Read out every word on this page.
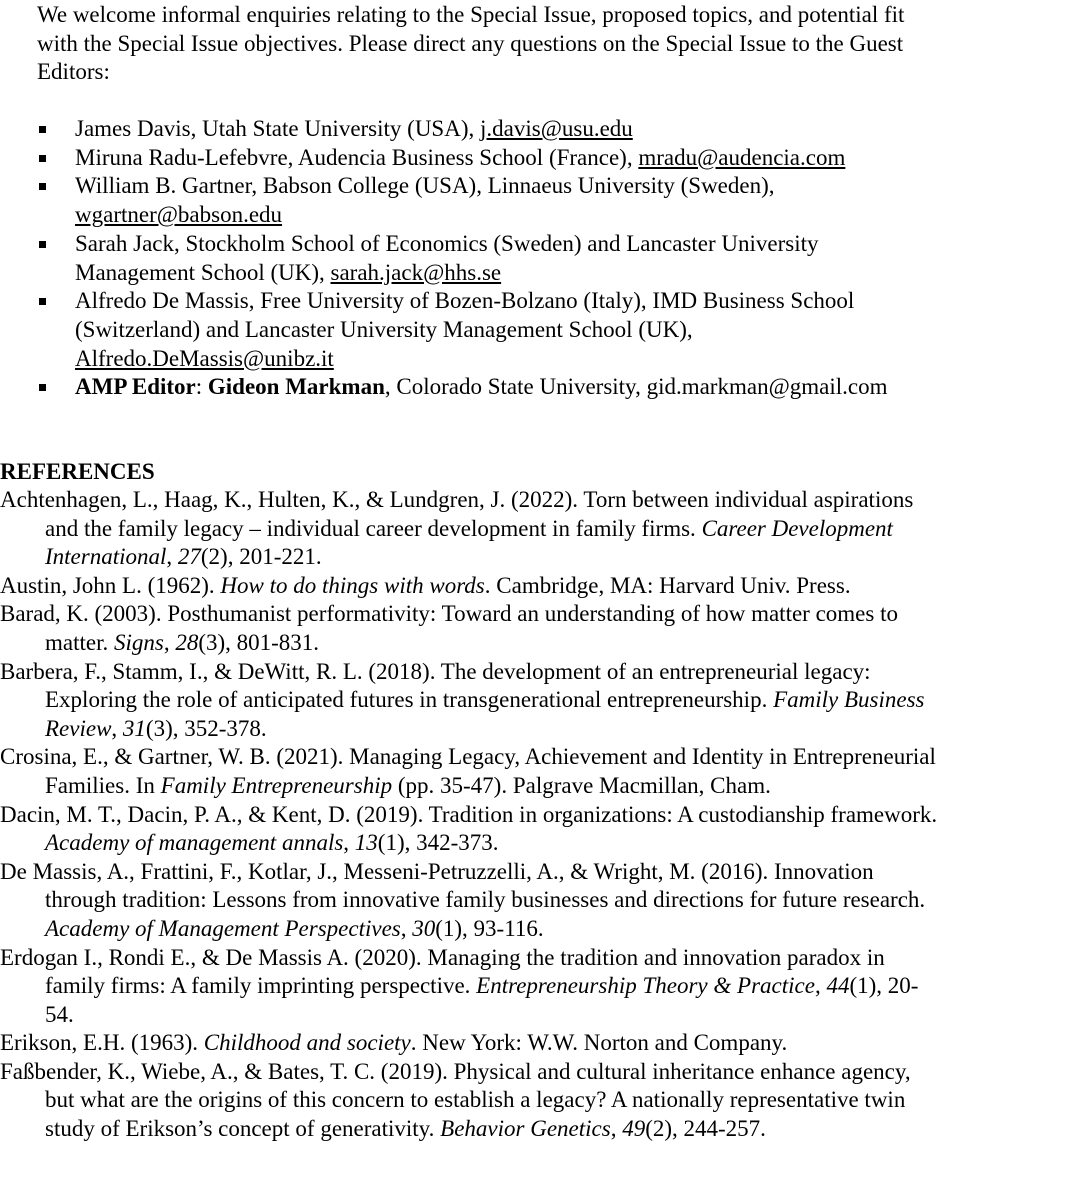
We welcome informal enquiries relating to the Special Issue, proposed topics, and potential fit with the Special Issue objectives. Please direct any questions on the Special Issue to the Guest Editors:
James Davis, Utah State University (USA), j.davis@usu.edu
Miruna Radu-Lefebvre, Audencia Business School (France), mradu@audencia.com
William B. Gartner, Babson College (USA), Linnaeus University (Sweden), wgartner@babson.edu
Sarah Jack, Stockholm School of Economics (Sweden) and Lancaster University Management School (UK), sarah.jack@hhs.se
Alfredo De Massis, Free University of Bozen-Bolzano (Italy), IMD Business School (Switzerland) and Lancaster University Management School (UK), Alfredo.DeMassis@unibz.it
AMP Editor: Gideon Markman, Colorado State University, gid.markman@gmail.com
REFERENCES
Achtenhagen, L., Haag, K., Hulten, K., & Lundgren, J. (2022). Torn between individual aspirations and the family legacy – individual career development in family firms. Career Development International, 27(2), 201-221.
Austin, John L. (1962). How to do things with words. Cambridge, MA: Harvard Univ. Press.
Barad, K. (2003). Posthumanist performativity: Toward an understanding of how matter comes to matter. Signs, 28(3), 801-831.
Barbera, F., Stamm, I., & DeWitt, R. L. (2018). The development of an entrepreneurial legacy: Exploring the role of anticipated futures in transgenerational entrepreneurship. Family Business Review, 31(3), 352-378.
Crosina, E., & Gartner, W. B. (2021). Managing Legacy, Achievement and Identity in Entrepreneurial Families. In Family Entrepreneurship (pp. 35-47). Palgrave Macmillan, Cham.
Dacin, M. T., Dacin, P. A., & Kent, D. (2019). Tradition in organizations: A custodianship framework. Academy of management annals, 13(1), 342-373.
De Massis, A., Frattini, F., Kotlar, J., Messeni-Petruzzelli, A., & Wright, M. (2016). Innovation through tradition: Lessons from innovative family businesses and directions for future research. Academy of Management Perspectives, 30(1), 93-116.
Erdogan I., Rondi E., & De Massis A. (2020). Managing the tradition and innovation paradox in family firms: A family imprinting perspective. Entrepreneurship Theory & Practice, 44(1), 20-54.
Erikson, E.H. (1963). Childhood and society. New York: W.W. Norton and Company.
Faßbender, K., Wiebe, A., & Bates, T. C. (2019). Physical and cultural inheritance enhance agency, but what are the origins of this concern to establish a legacy? A nationally representative twin study of Erikson’s concept of generativity. Behavior Genetics, 49(2), 244-257.
